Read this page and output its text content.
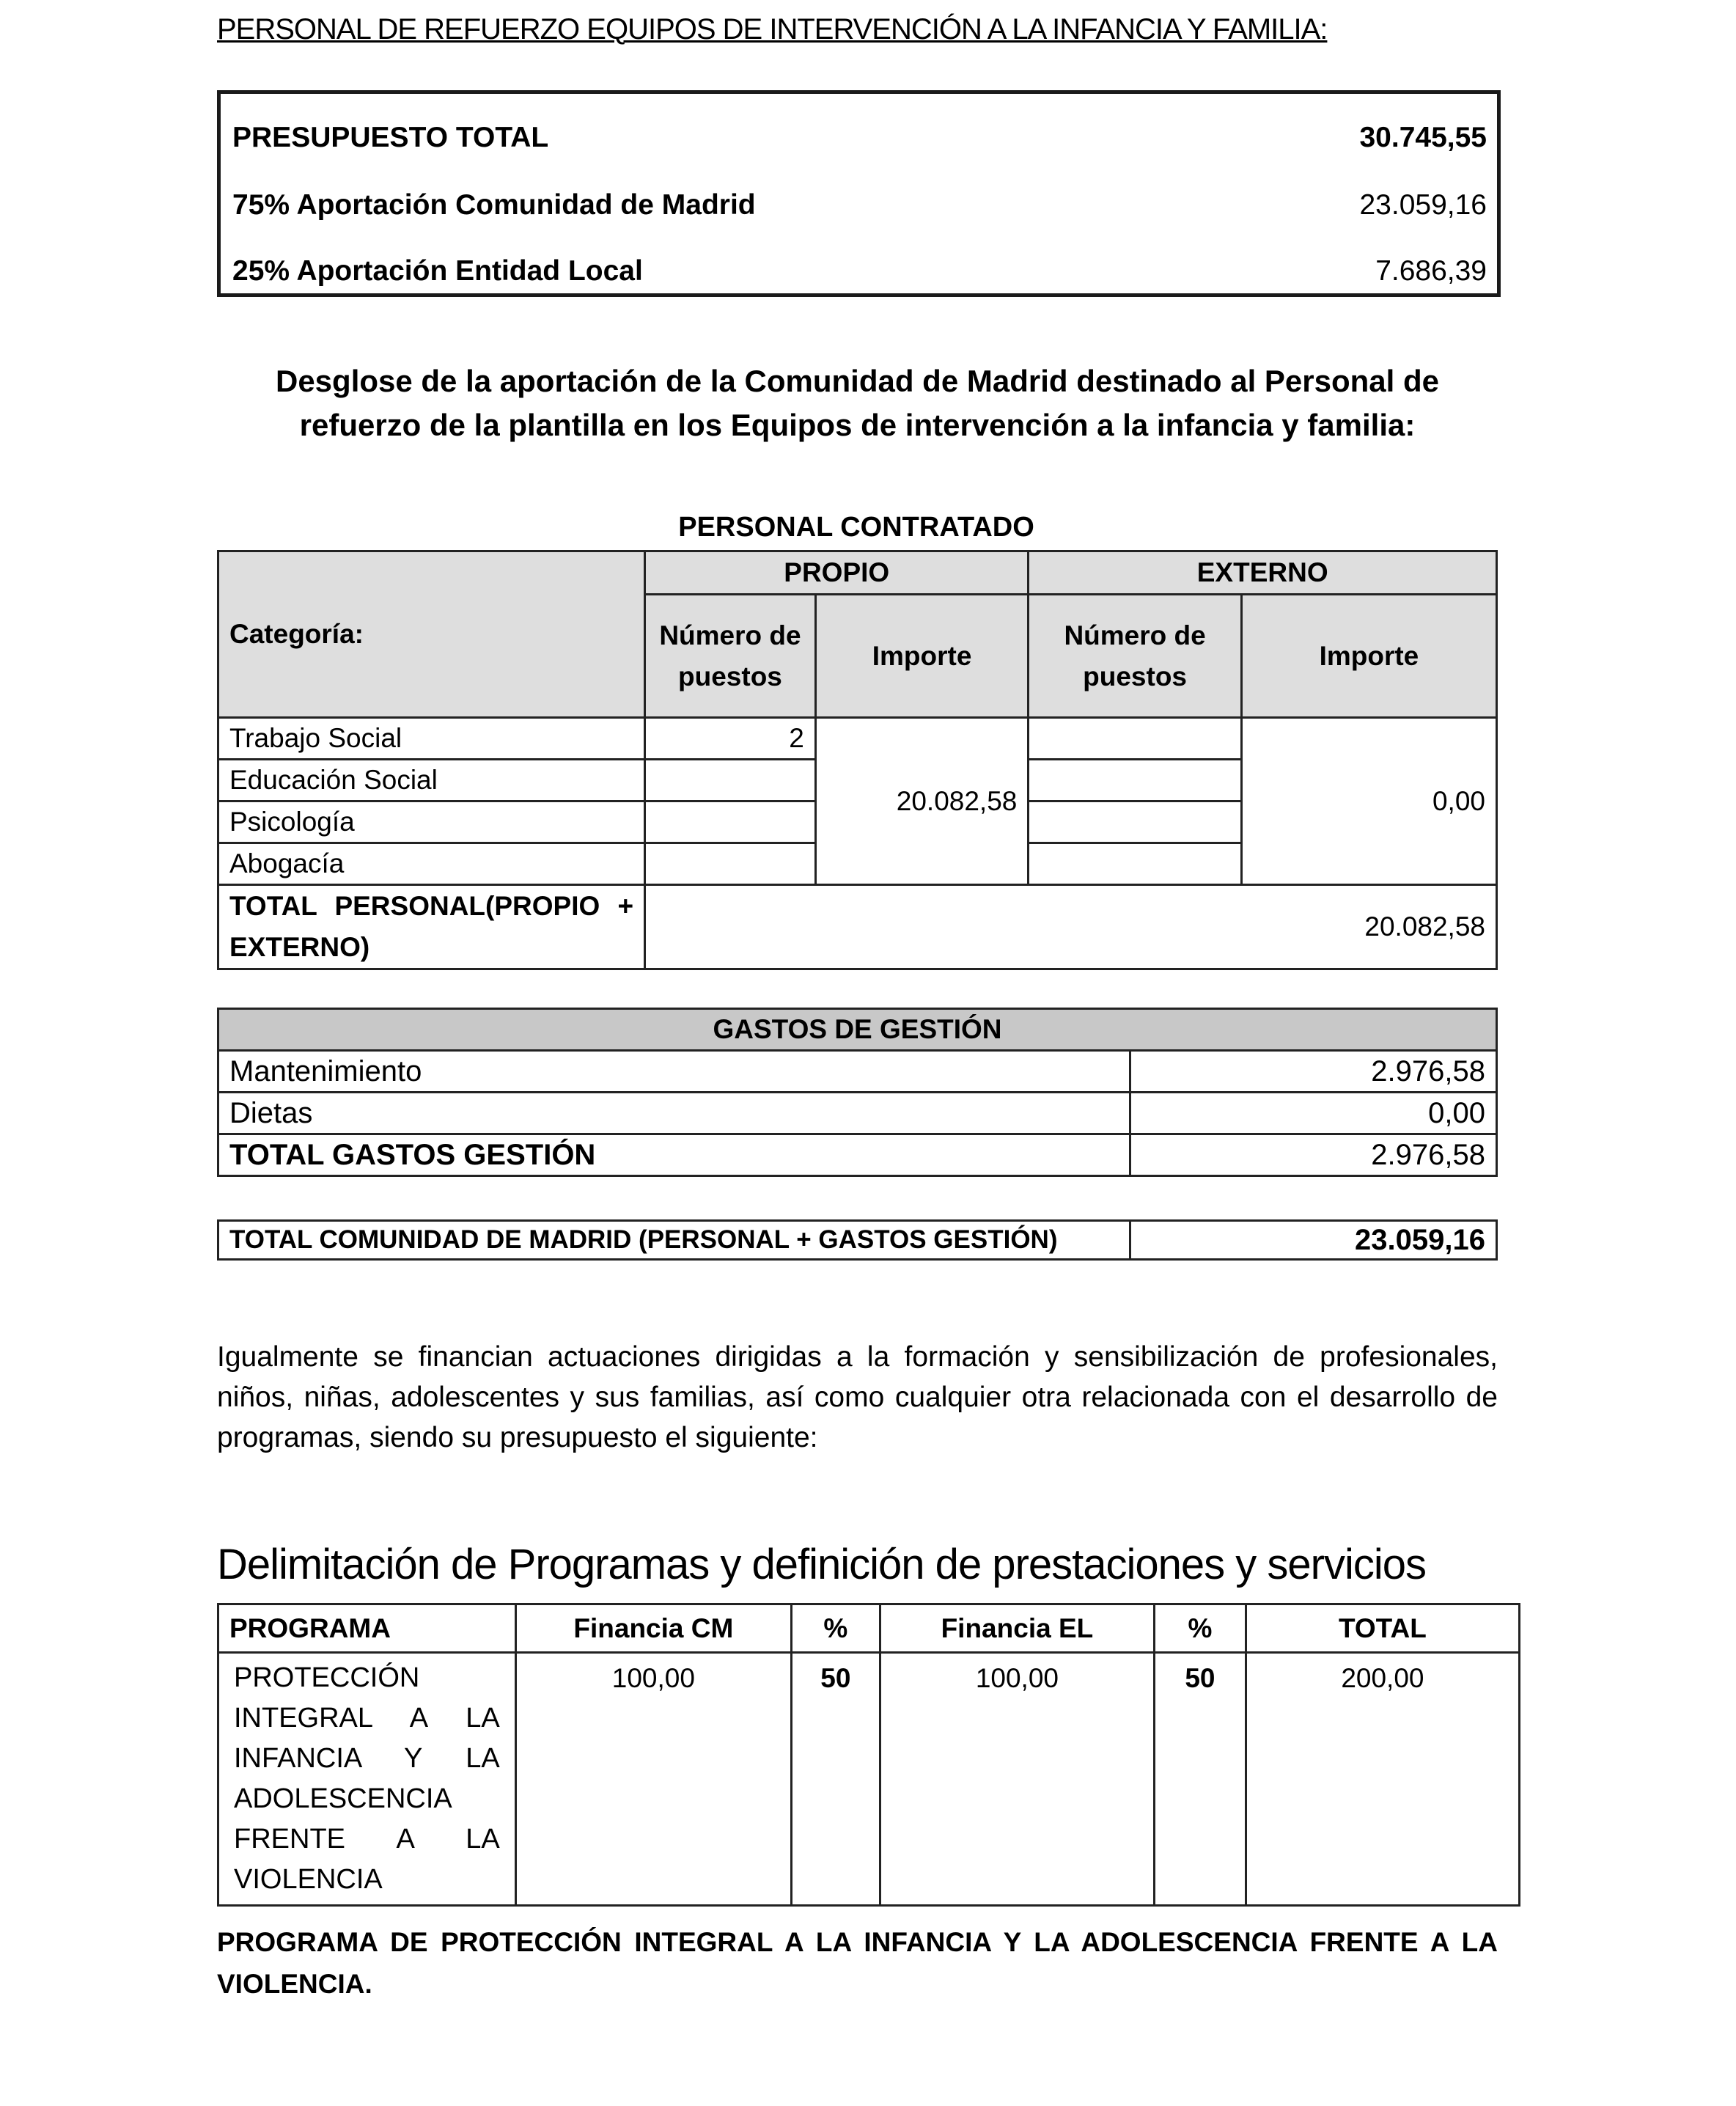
PERSONAL DE REFUERZO EQUIPOS DE INTERVENCIÓN A LA INFANCIA Y FAMILIA:
PRESUPUESTO TOTAL	30.745,55
75% Aportación Comunidad de Madrid	23.059,16
25% Aportación Entidad Local	7.686,39
Desglose de la aportación de la Comunidad de Madrid destinado al Personal de
refuerzo de la plantilla en los Equipos de intervención a la infancia y familia:
PERSONAL CONTRATADO
Categoría:	PROPIO		EXTERNO	
	Número de puestos	Importe	Número de puestos	Importe
Trabajo Social	2	20.082,58		0,00
Educación Social				
Psicología				
Abogacía				
TOTAL PERSONAL(PROPIO + EXTERNO)	20.082,58			
GASTOS DE GESTIÓN	
Mantenimiento	2.976,58
Dietas	0,00
TOTAL GASTOS GESTIÓN	2.976,58
TOTAL COMUNIDAD DE MADRID (PERSONAL + GASTOS GESTIÓN)	23.059,16
Igualmente se financian actuaciones dirigidas a la formación y sensibilización de profesionales, niños, niñas, adolescentes y sus familias, así como cualquier otra relacionada con el desarrollo de programas, siendo su presupuesto el siguiente:
Delimitación de Programas y definición de prestaciones y servicios
PROGRAMA	Financia CM	%	Financia EL	%	TOTAL
PROTECCIÓN INTEGRAL A LA INFANCIA Y LA ADOLESCENCIA FRENTE A LA VIOLENCIA	100,00	50	100,00	50	200,00
PROGRAMA DE PROTECCIÓN INTEGRAL A LA INFANCIA Y LA ADOLESCENCIA FRENTE A LA VIOLENCIA.
